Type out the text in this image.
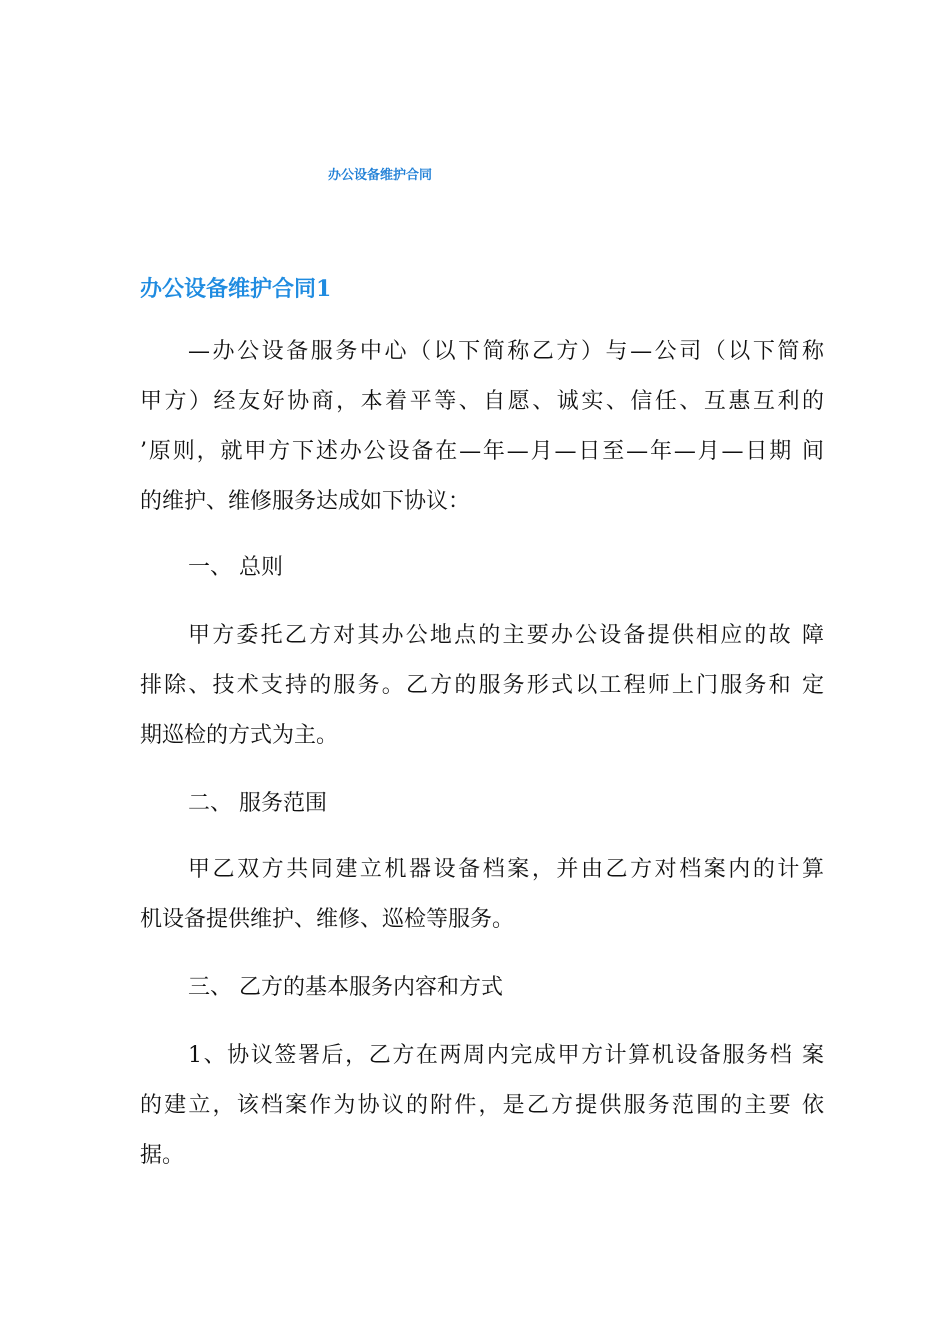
办公设备维护合同
办公设备维护合同1
—办公设备服务中心（以下简称乙方）与—公司（以下简称
甲方）经友好协商，本着平等、自愿、诚实、信任、互惠互利的
’原则，就甲方下述办公设备在—年—月—日至—年—月—日期 间
的维护、维修服务达成如下协议：
一、 总则
甲方委托乙方对其办公地点的主要办公设备提供相应的故 障
排除、技术支持的服务。乙方的服务形式以工程师上门服务和 定
期巡检的方式为主。
二、 服务范围
甲乙双方共同建立机器设备档案，并由乙方对档案内的计算
机设备提供维护、维修、巡检等服务。
三、 乙方的基本服务内容和方式
1、协议签署后，乙方在两周内完成甲方计算机设备服务档 案
的建立，该档案作为协议的附件，是乙方提供服务范围的主要 依
据。
